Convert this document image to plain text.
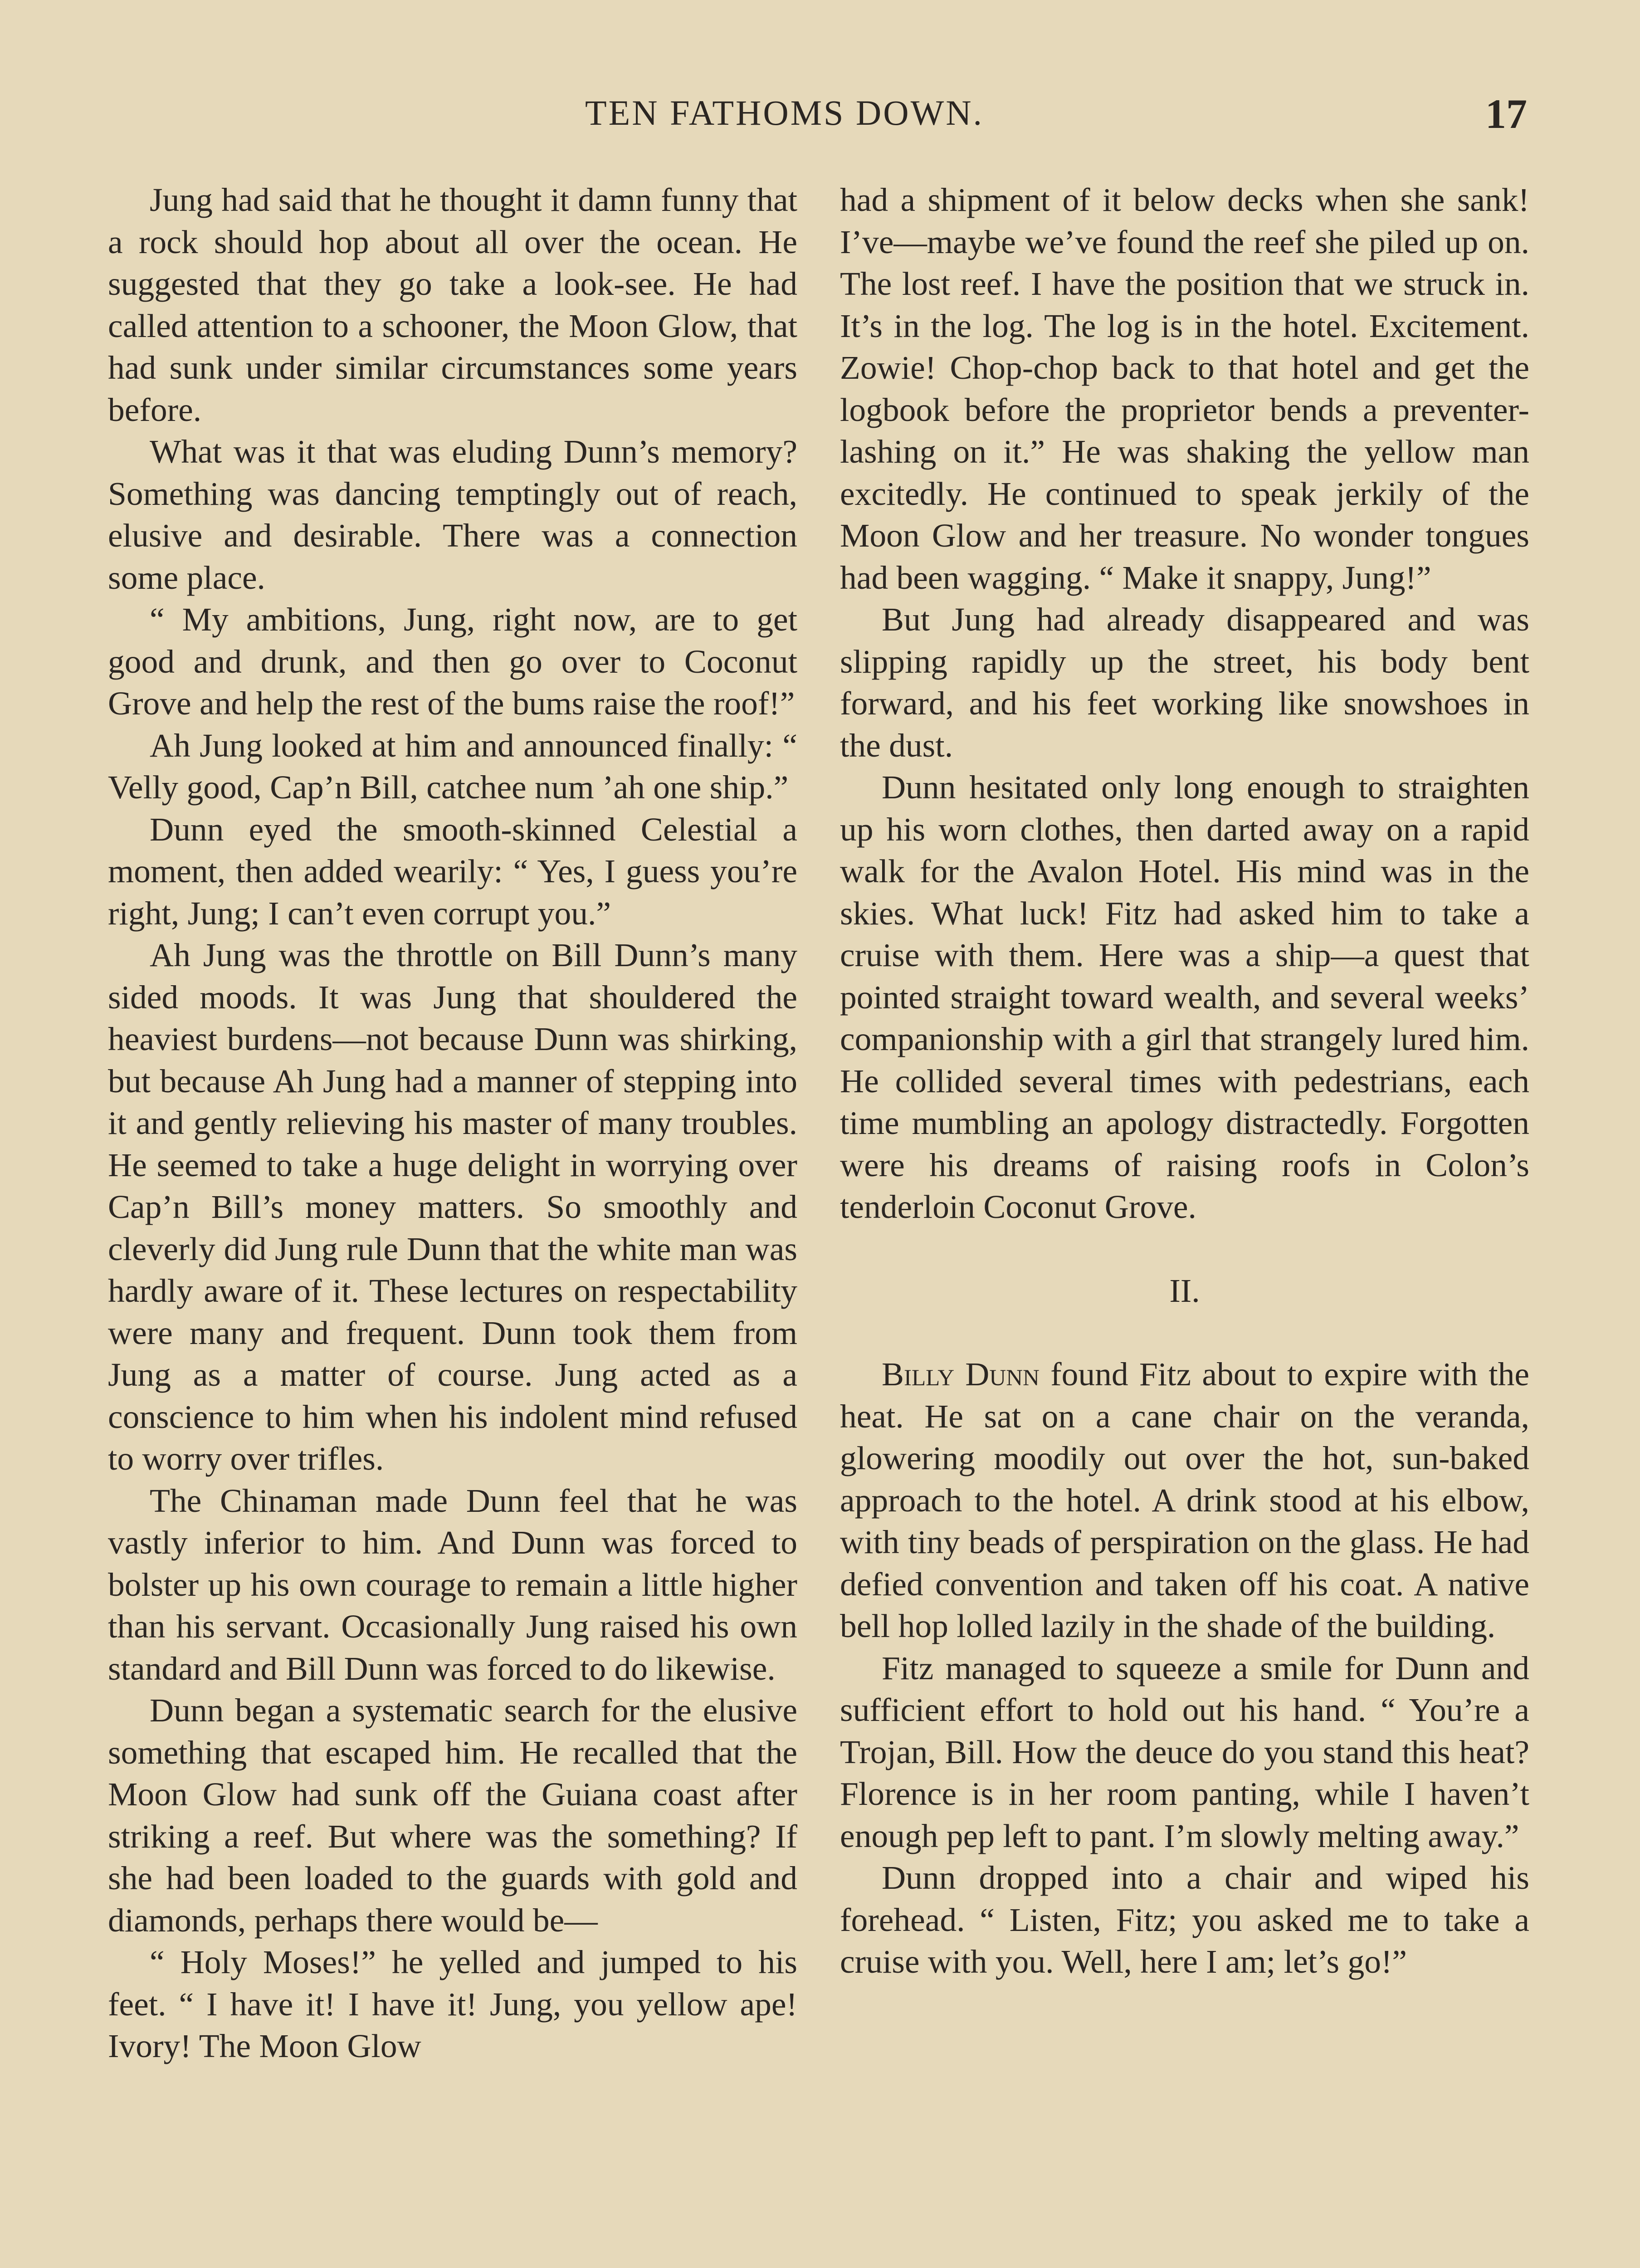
TEN FATHOMS DOWN.	17

Jung had said that he thought it damn funny that a rock should hop about all over the ocean. He suggested that they go take a look-see. He had called attention to a schooner, the Moon Glow, that had sunk under similar circumstances some years before.

What was it that was eluding Dunn’s memory? Something was dancing temptingly out of reach, elusive and desirable. There was a connection some place.

“ My ambitions, Jung, right now, are to get good and drunk, and then go over to Coconut Grove and help the rest of the bums raise the roof!”

Ah Jung looked at him and announced finally: “ Velly good, Cap’n Bill, catchee num ’ah one ship.”

Dunn eyed the smooth-skinned Celestial a moment, then added wearily: “ Yes, I guess you’re right, Jung; I can’t even corrupt you.”

Ah Jung was the throttle on Bill Dunn’s many sided moods. It was Jung that shouldered the heaviest burdens—not because Dunn was shirking, but because Ah Jung had a manner of stepping into it and gently relieving his master of many troubles. He seemed to take a huge delight in worrying over Cap’n Bill’s money matters. So smoothly and cleverly did Jung rule Dunn that the white man was hardly aware of it. These lectures on respectability were many and frequent. Dunn took them from Jung as a matter of course. Jung acted as a conscience to him when his indolent mind refused to worry over trifles.

The Chinaman made Dunn feel that he was vastly inferior to him. And Dunn was forced to bolster up his own courage to remain a little higher than his servant. Occasionally Jung raised his own standard and Bill Dunn was forced to do likewise.

Dunn began a systematic search for the elusive something that escaped him. He recalled that the Moon Glow had sunk off the Guiana coast after striking a reef. But where was the something? If she had been loaded to the guards with gold and diamonds, perhaps there would be—

“ Holy Moses!” he yelled and jumped to his feet. “ I have it! I have it! Jung, you yellow ape! Ivory! The Moon Glow

had a shipment of it below decks when she sank! I’ve—maybe we’ve found the reef she piled up on. The lost reef. I have the position that we struck in. It’s in the log. The log is in the hotel. Excitement. Zowie! Chop-chop back to that hotel and get the logbook before the proprietor bends a preventer-lashing on it.” He was shaking the yellow man excitedly. He continued to speak jerkily of the Moon Glow and her treasure. No wonder tongues had been wagging. “ Make it snappy, Jung!”

But Jung had already disappeared and was slipping rapidly up the street, his body bent forward, and his feet working like snowshoes in the dust.

Dunn hesitated only long enough to straighten up his worn clothes, then darted away on a rapid walk for the Avalon Hotel. His mind was in the skies. What luck! Fitz had asked him to take a cruise with them. Here was a ship—a quest that pointed straight toward wealth, and several weeks’ companionship with a girl that strangely lured him. He collided several times with pedestrians, each time mumbling an apology distractedly. Forgotten were his dreams of raising roofs in Colon’s tenderloin Coconut Grove.

II.

Billy Dunn found Fitz about to expire with the heat. He sat on a cane chair on the veranda, glowering moodily out over the hot, sun-baked approach to the hotel. A drink stood at his elbow, with tiny beads of perspiration on the glass. He had defied convention and taken off his coat. A native bell hop lolled lazily in the shade of the building.

Fitz managed to squeeze a smile for Dunn and sufficient effort to hold out his hand. “ You’re a Trojan, Bill. How the deuce do you stand this heat? Florence is in her room panting, while I haven’t enough pep left to pant. I’m slowly melting away.”

Dunn dropped into a chair and wiped his forehead. “ Listen, Fitz; you asked me to take a cruise with you. Well, here I am; let’s go!”
